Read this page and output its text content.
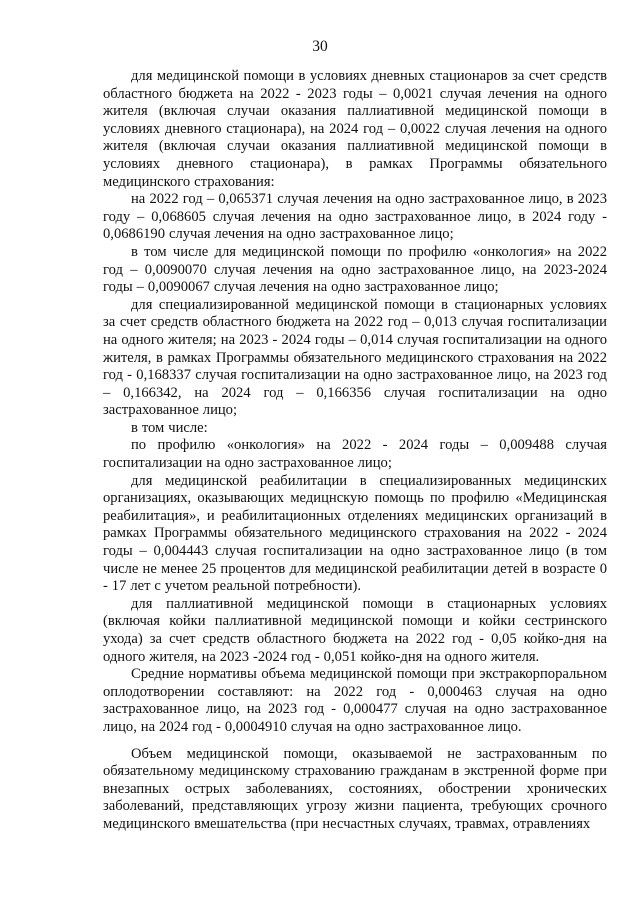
30

для медицинской помощи в условиях дневных стационаров за счет средств областного бюджета на 2022 - 2023 годы – 0,0021 случая лечения на одного жителя (включая случаи оказания паллиативной медицинской помощи в условиях дневного стационара), на 2024 год – 0,0022 случая лечения на одного жителя (включая случаи оказания паллиативной медицинской помощи в условиях дневного стационара), в рамках Программы обязательного медицинского страхования:

на 2022 год – 0,065371 случая лечения на одно застрахованное лицо, в 2023 году – 0,068605 случая лечения на одно застрахованное лицо, в 2024 году - 0,0686190 случая лечения на одно застрахованное лицо;

в том числе для медицинской помощи по профилю «онкология» на 2022 год – 0,0090070 случая лечения на одно застрахованное лицо, на 2023-2024 годы – 0,0090067 случая лечения на одно застрахованное лицо;

для специализированной медицинской помощи в стационарных условиях за счет средств областного бюджета на 2022 год – 0,013 случая госпитализации на одного жителя; на 2023 - 2024 годы – 0,014 случая госпитализации на одного жителя, в рамках Программы обязательного медицинского страхования на 2022 год - 0,168337 случая госпитализации на одно застрахованное лицо, на 2023 год – 0,166342, на 2024 год – 0,166356 случая госпитализации на одно застрахованное лицо;

в том числе:

по профилю «онкология» на 2022 - 2024 годы – 0,009488 случая госпитализации на одно застрахованное лицо;

для медицинской реабилитации в специализированных медицинских организациях, оказывающих медицнскую помощь по профилю «Медицинская реабилитация», и реабилитационных отделениях медицинских организаций в рамках Программы обязательного медицинского страхования на 2022 - 2024 годы – 0,004443 случая госпитализации на одно застрахованное лицо (в том числе не менее 25 процентов для медицинской реабилитации детей в возрасте 0 - 17 лет с учетом реальной потребности).

для паллиативной медицинской помощи в стационарных условиях (включая койки паллиативной медицинской помощи и койки сестринского ухода) за счет средств областного бюджета на 2022 год - 0,05 койко-дня на одного жителя, на 2023 -2024 год - 0,051 койко-дня на одного жителя.

Средние нормативы объема медицинской помощи при экстракорпоральном оплодотворении составляют: на 2022 год - 0,000463 случая на одно застрахованное лицо, на 2023 год - 0,000477 случая на одно застрахованное лицо, на 2024 год - 0,0004910 случая на одно застрахованное лицо.

Объем медицинской помощи, оказываемой не застрахованным по обязательному медицинскому страхованию гражданам в экстренной форме при внезапных острых заболеваниях, состояниях, обострении хронических заболеваний, представляющих угрозу жизни пациента, требующих срочного медицинского вмешательства (при несчастных случаях, травмах, отравлениях
